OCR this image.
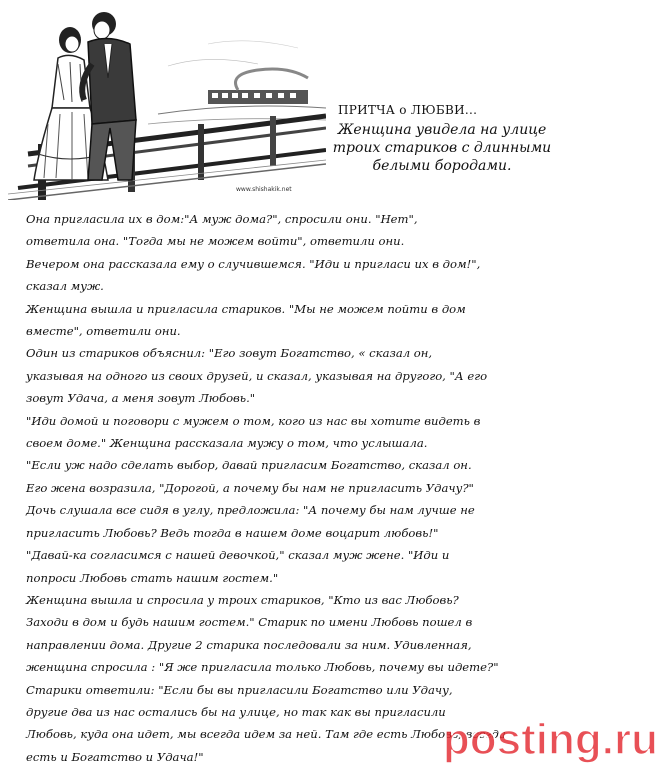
www.shishakik.net
ПРИТЧА о ЛЮБВИ...
Женщина увидела на улице
троих стариков с длинными
белыми бородами.

Она пригласила их в дом:"А муж дома?", спросили они. "Нет",

ответила она. "Тогда мы не можем войти", ответили они.

Вечером она рассказала ему о случившемся. "Иди и пригласи их в дом!",

сказал муж.

Женщина вышла и пригласила стариков. "Мы не можем пойти в дом

вместе", ответили они.

Один из стариков объяснил: "Его зовут Богатство, « сказал он,

указывая на одного из своих друзей, и сказал, указывая на другого, "А его

зовут Удача, а меня зовут Любовь."

"Иди домой и поговори с мужем о том, кого из нас вы хотите видеть в

своем доме." Женщина рассказала мужу о том, что услышала.

"Если уж надо сделать выбор, давай пригласим Богатство, сказал он.

Его жена возразила, "Дорогой, а почему бы нам не пригласить Удачу?"

Дочь слушала все сидя в углу, предложила: "А почему бы нам лучше не

пригласить Любовь? Ведь тогда в нашем доме воцарит любовь!"

"Давай-ка согласимся с нашей девочкой," сказал муж жене. "Иди и

попроси Любовь стать нашим гостем."

Женщина вышла и спросила у троих стариков, "Кто из вас Любовь?

Заходи в дом и будь нашим гостем." Старик по имени Любовь пошел в

направлении дома. Другие 2 старика последовали за ним. Удивленная,

женщина спросила : "Я же пригласила только Любовь, почему вы идете?"

Старики ответили: "Если бы вы пригласили Богатство или Удачу,

другие два из нас остались бы на улице, но так как вы пригласили

Любовь, куда она идет, мы всегда идем за ней. Там где есть Любовь, всегда

есть и Богатство и Удача!"	posting.ru
